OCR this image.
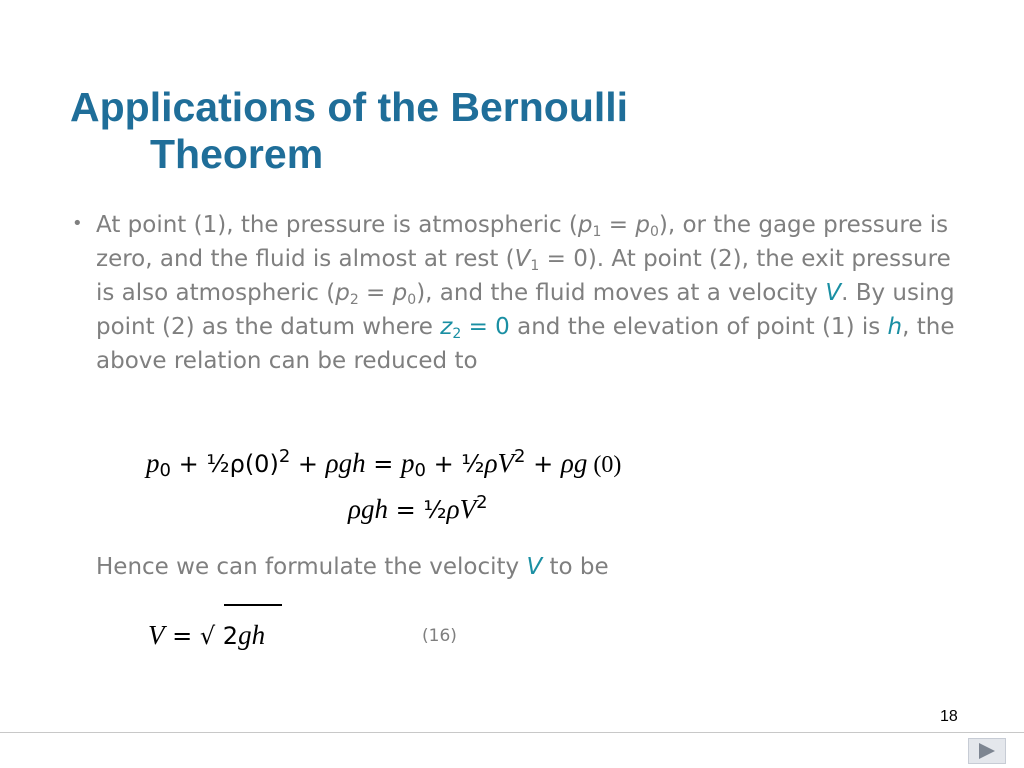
Applications of the Bernoulli
Theorem
• At point (1), the pressure is atmospheric $(p_1 = p_0)$, or the gage pressure is zero, and the fluid is almost at rest $(V_1 = 0)$. At point (2), the exit pressure is also atmospheric $(p_2 = p_0)$, and the fluid moves at a velocity V. By using point (2) as the datum where $z_2 = 0$ and the elevation of point (1) is h, the above relation can be reduced to
$p_0$ + $\frac{1}{2}\rho(0)^2 + \rho gh = p_0$ + $\frac{1}{2}\rho V^2 + \rho g$ (0)
$\rho gh = \frac{1}{2}\rho V^2$
Hence we can formulate the velocity V to be
V = √ 2gh	(16)
18
